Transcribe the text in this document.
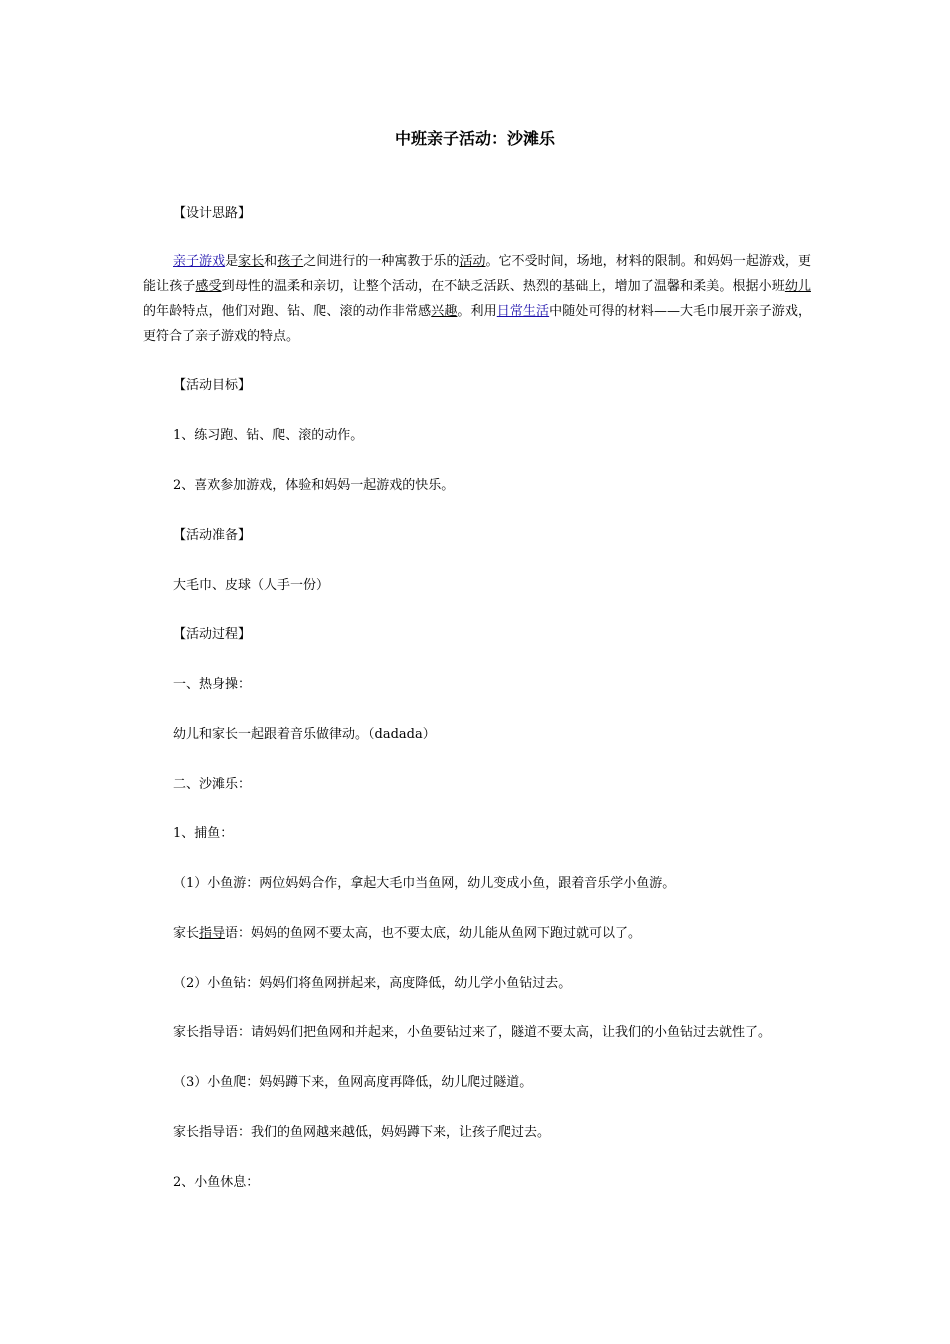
中班亲子活动：沙滩乐
【设计思路】
亲子游戏是家长和孩子之间进行的一种寓教于乐的活动。它不受时间，场地，材料的限制。和妈妈一起游戏，更能让孩子感受到母性的温柔和亲切，让整个活动，在不缺乏活跃、热烈的基础上，增加了温馨和柔美。根据小班幼儿的年龄特点，他们对跑、钻、爬、滚的动作非常感兴趣。利用日常生活中随处可得的材料——大毛巾展开亲子游戏，更符合了亲子游戏的特点。
【活动目标】
1、练习跑、钻、爬、滚的动作。
2、喜欢参加游戏，体验和妈妈一起游戏的快乐。
【活动准备】
大毛巾、皮球（人手一份）
【活动过程】
一、热身操：
幼儿和家长一起跟着音乐做律动。（dadada）
二、沙滩乐：
1、捕鱼：
（1）小鱼游：两位妈妈合作，拿起大毛巾当鱼网，幼儿变成小鱼，跟着音乐学小鱼游。
家长指导语：妈妈的鱼网不要太高，也不要太底，幼儿能从鱼网下跑过就可以了。
（2）小鱼钻：妈妈们将鱼网拼起来，高度降低，幼儿学小鱼钻过去。
家长指导语：请妈妈们把鱼网和并起来，小鱼要钻过来了，隧道不要太高，让我们的小鱼钻过去就性了。
（3）小鱼爬：妈妈蹲下来，鱼网高度再降低，幼儿爬过隧道。
家长指导语：我们的鱼网越来越低，妈妈蹲下来，让孩子爬过去。
2、小鱼休息：
